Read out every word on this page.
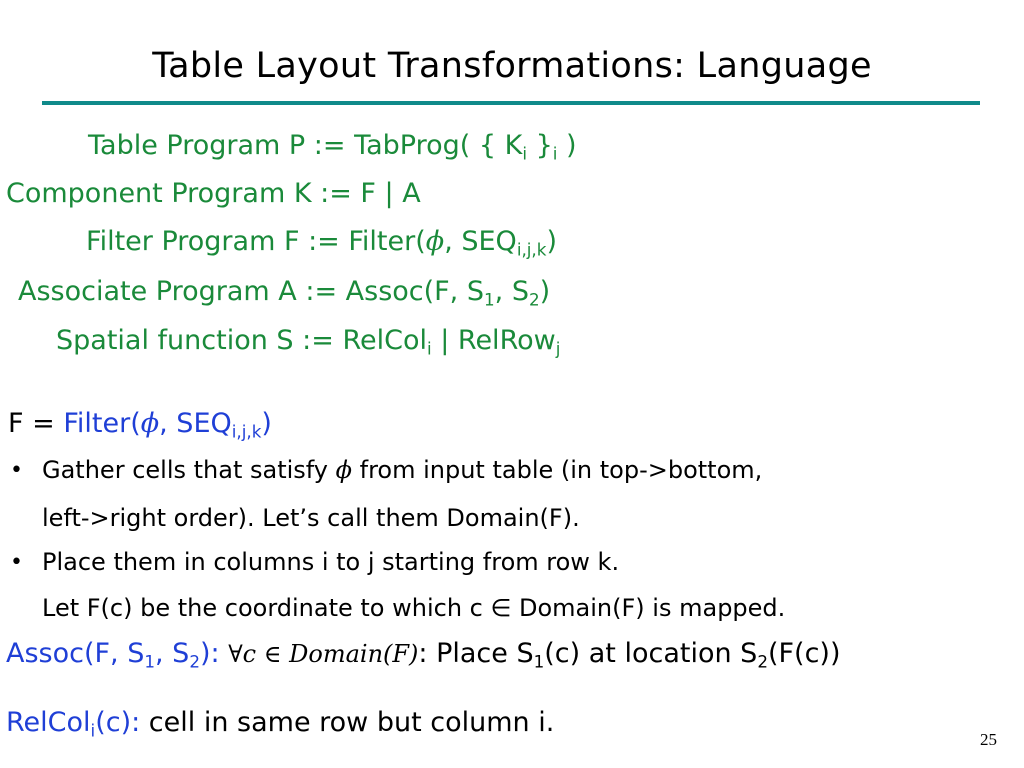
Table Layout Transformations: Language
Table Program P := TabProg( { $K_i$ }$_i$ )
Component Program K := F | A
Filter Program F := Filter(ϕ, $SEQ_{i,j,k}$)
Associate Program A := Assoc(F, $S_1$, $S_2$)
Spatial function S := RelCol$_i$ | RelRow$_j$
F = Filter(ϕ, $SEQ_{i,j,k}$)
• Gather cells that satisfy ϕ from input table (in top->bottom,
left->right order). Let’s call them Domain(F).
• Place them in columns i to j starting from row k.
Let F(c) be the coordinate to which c ∈ Domain(F) is mapped.
Assoc(F, $S_1$, $S_2$): ∀c ∈ Domain(F): Place $S_1(c)$ at location $S_2(F(c))$
RelCol$_i$(c): cell in same row but column i.
25
